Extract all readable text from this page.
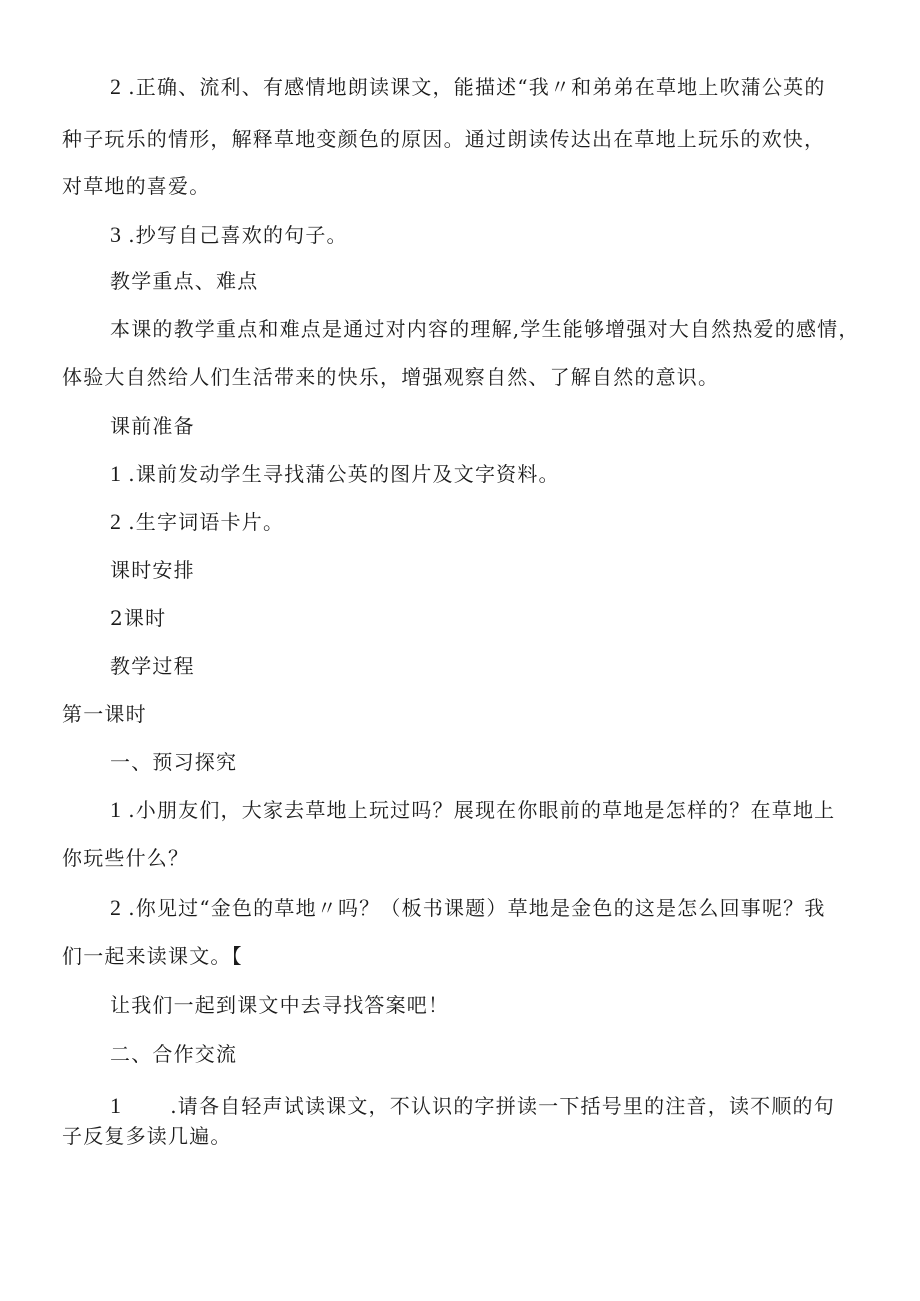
2 .正确、流利、有感情地朗读课文，能描述“我〃和弟弟在草地上吹蒲公英的
种子玩乐的情形，解释草地变颜色的原因。通过朗读传达出在草地上玩乐的欢快，
对草地的喜爱。
3 .抄写自己喜欢的句子。
教学重点、难点
本课的教学重点和难点是通过对内容的理解,学生能够增强对大自然热爱的感情，
体验大自然给人们生活带来的快乐，增强观察自然、了解自然的意识。
课前准备
1 .课前发动学生寻找蒲公英的图片及文字资料。
2 .生字词语卡片。
课时安排
2课时
教学过程
第一课时
一、预习探究
1 .小朋友们，大家去草地上玩过吗？展现在你眼前的草地是怎样的？在草地上
你玩些什么？
2 .你见过“金色的草地〃吗？（板书课题）草地是金色的这是怎么回事呢？我
们一起来读课文。【
让我们一起到课文中去寻找答案吧！
二、合作交流
1 .请各自轻声试读课文，不认识的字拼读一下括号里的注音，读不顺的句
子反复多读几遍。
